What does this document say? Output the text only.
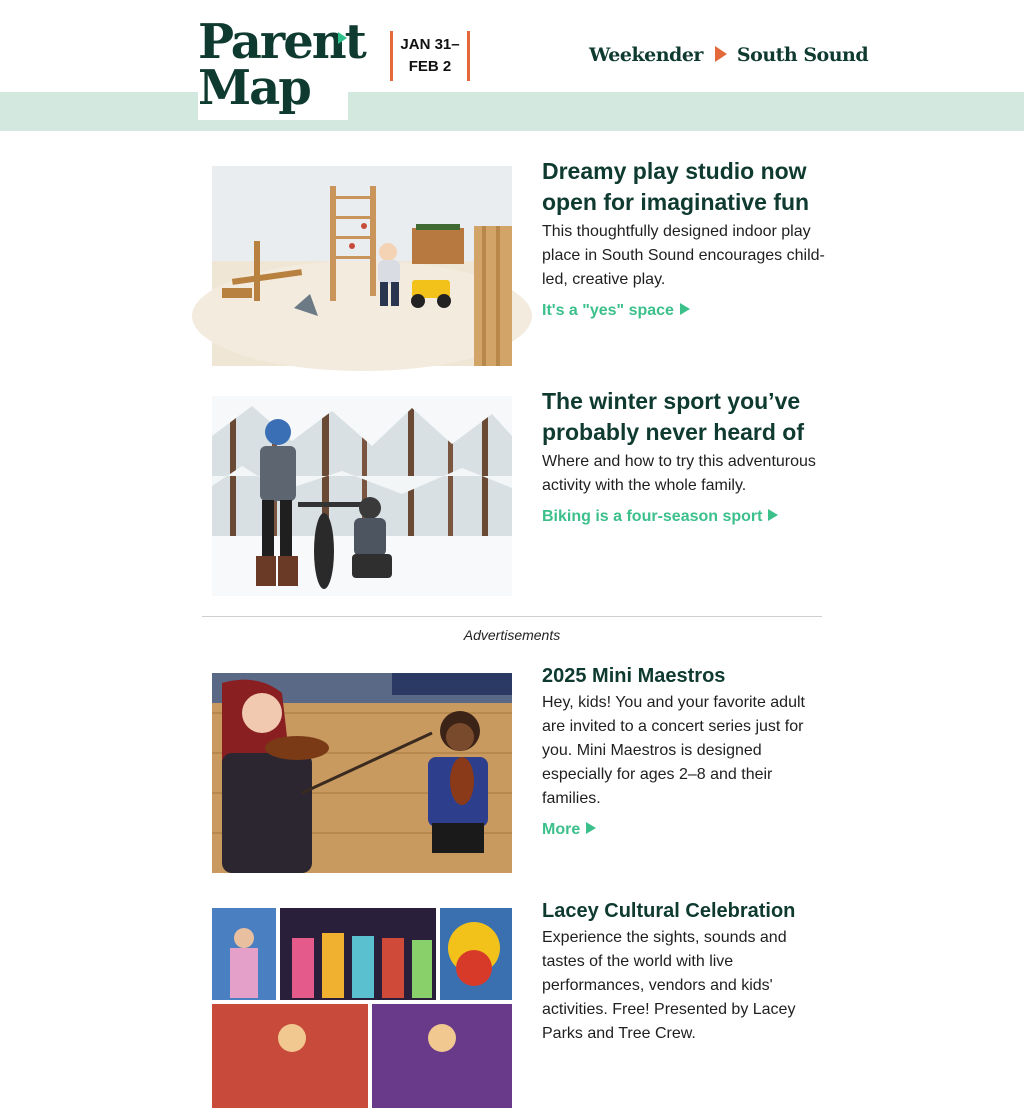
Parent
Map
JAN 31–
FEB 2
Weekender South Sound
Dreamy play studio now
open for imaginative fun
This thoughtfully designed indoor play
place in South Sound encourages child-
led, creative play.
It's a "yes" space
The winter sport you’ve
probably never heard of
Where and how to try this adventurous
activity with the whole family.
Biking is a four-season sport
Advertisements
2025 Mini Maestros
Hey, kids! You and your favorite adult
are invited to a concert series just for
you. Mini Maestros is designed
especially for ages 2–8 and their
families.
More
Lacey Cultural Celebration
Experience the sights, sounds and
tastes of the world with live
performances, vendors and kids'
activities. Free! Presented by Lacey
Parks and Tree Crew.
